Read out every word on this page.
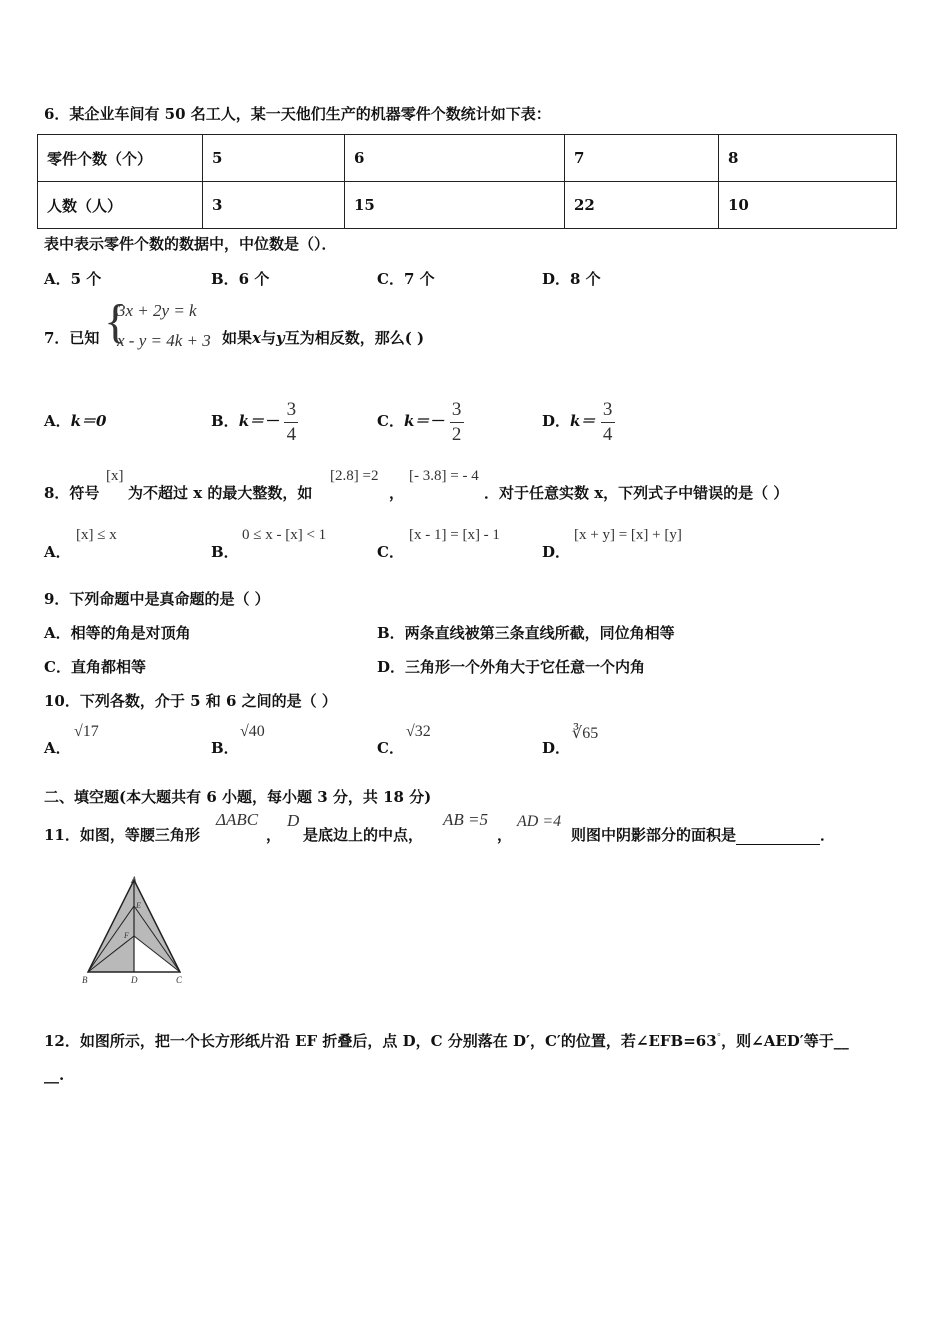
6．某企业车间有 50 名工人，某一天他们生产的机器零件个数统计如下表：
零件个数（个）	5	6	7	8
人数（人）	3	15	22	10
表中表示零件个数的数据中，中位数是（）．
A．5 个	B．6 个	C．7 个	D．8 个
7．已知 {
3x + 2y = k
x - y = 4k + 3 如果x与y互为相反数，那么( )
A．k＝0	B．$k=- \frac{3}{4}$	C．$k=- \frac{3}{2}$	D．$k= \frac{3}{4}$
8．符号
[x]
为不超过 x 的最大整数，如
[2.8] =2
，
[- 3.8] = - 4
．对于任意实数 x，下列式子中错误的是（ ）
A．
[x] ≤ x
B．
0 ≤ x - [x] < 1
C．
[x - 1] = [x] - 1
D．
[x + y] = [x] + [y]
9．下列命题中是真命题的是（ ）
A．相等的角是对顶角	B．两条直线被第三条直线所截，同位角相等
C．直角都相等	D．三角形一个外角大于它任意一个内角
10．下列各数，介于 5 和 6 之间的是（ ）
A．
√17
B．
√40
C．
√32
D．
∛65
二、填空题(本大题共有 6 小题，每小题 3 分，共 18 分)
11．如图，等腰三角形
ΔABC
，
D
是底边上的中点，
AB =5
，
AD =4
则图中阴影部分的面积是	．
A
E
F
B	D	C
12．如图所示，把一个长方形纸片沿 EF 折叠后，点 D，C 分别落在 D′，C′的位置，若∠EFB=63°，则∠AED′等于__
__.
